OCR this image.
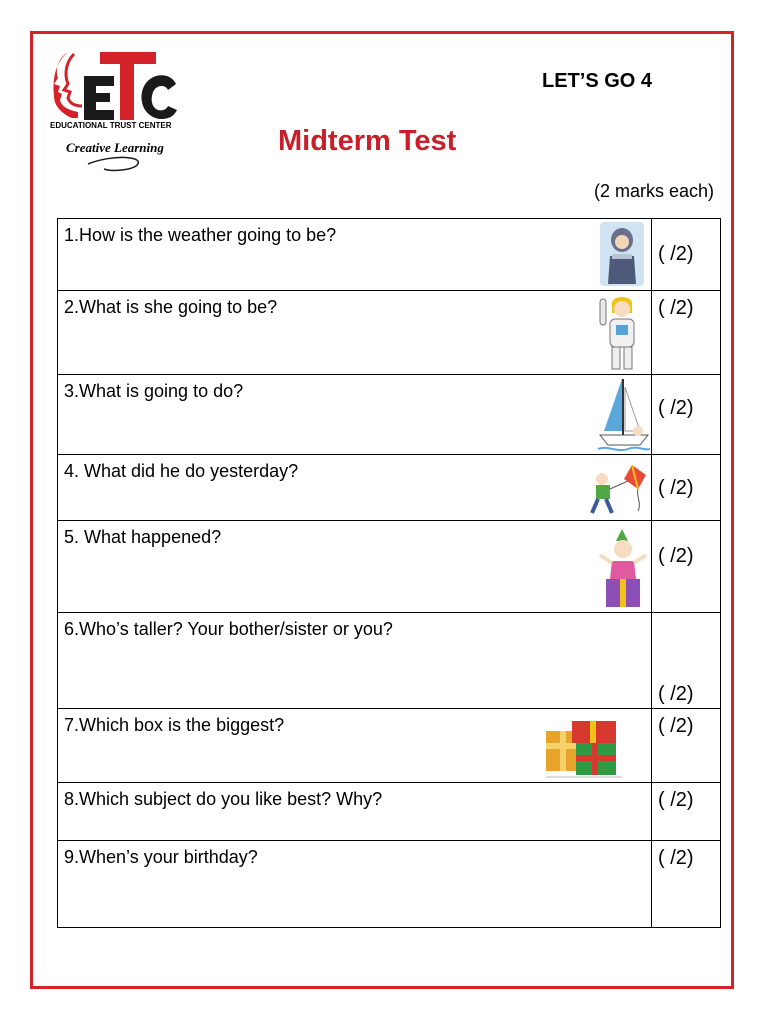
EDUCATIONAL TRUST CENTER
Creative Learning
LET’S GO 4
Midterm Test
(2 marks each)
1.How is the weather going to be?	( /2)

2.What is she going to be?	( /2)

3.What is going to do?	( /2)

4. What did he do yesterday?	( /2)

5. What happened?	( /2)

6.Who’s taller? Your bother/sister or you?	( /2)

7.Which box is the biggest?	( /2)

8.Which subject do you like best? Why?	( /2)

9.When’s your birthday?	( /2)
